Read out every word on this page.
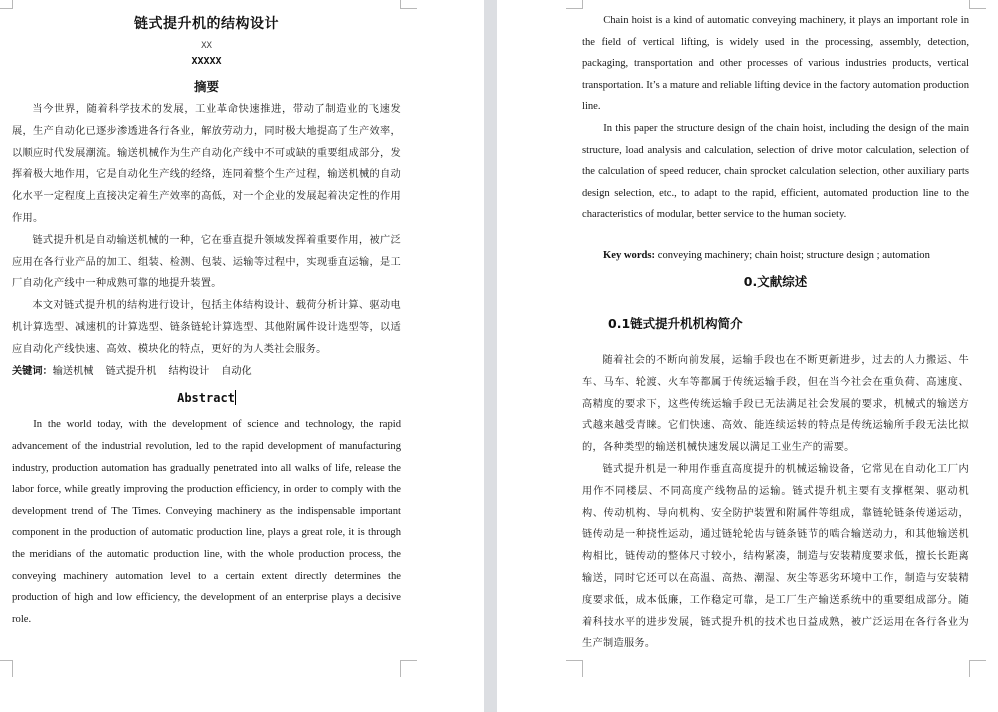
链式提升机的结构设计
XX
XXXXX
摘要

当今世界，随着科学技术的发展，工业革命快速推进，带动了制造业的飞速发展，生产自动化已逐步渗透进各行各业，解放劳动力，同时极大地提高了生产效率，以顺应时代发展潮流。输送机械作为生产自动化产线中不可或缺的重要组成部分，发挥着极大地作用，它是自动化生产线的经络，连同着整个生产过程，输送机械的自动化水平一定程度上直接决定着生产效率的高低，对一个企业的发展起着决定性的作用作用。

链式提升机是自动输送机械的一种，它在垂直提升领域发挥着重要作用，被广泛应用在各行业产品的加工、组装、检测、包装、运输等过程中，实现垂直运输，是工厂自动化产线中一种成熟可靠的地提升装置。

本文对链式提升机的结构进行设计，包括主体结构设计、载荷分析计算、驱动电机计算选型、减速机的计算选型、链条链轮计算选型、其他附属件设计选型等，以适应自动化产线快速、高效、模块化的特点，更好的为人类社会服务。

关键词：输送机械 链式提升机 结构设计 自动化

Abstract

In the world today, with the development of science and technology, the rapid advancement of the industrial revolution, led to the rapid development of manufacturing industry, production automation has gradually penetrated into all walks of life, release the labor force, while greatly improving the production efficiency, in order to comply with the development trend of The Times. Conveying machinery as the indispensable important component in the production of automatic production line, plays a great role, it is through the meridians of the automatic production line, with the whole production process, the conveying machinery automation level to a certain extent directly determines the production of high and low efficiency, the development of an enterprise plays a decisive role.

Chain hoist is a kind of automatic conveying machinery, it plays an important role in the field of vertical lifting, is widely used in the processing, assembly, detection, packaging, transportation and other processes of various industries products, vertical transportation. It’s a mature and reliable lifting device in the factory automation production line.

In this paper the structure design of the chain hoist, including the design of the main structure, load analysis and calculation, selection of drive motor calculation, selection of the calculation of speed reducer, chain sprocket calculation selection, other auxiliary parts design selection, etc., to adapt to the rapid, efficient, automated production line to the characteristics of modular, better service to the human society.

Key words: conveying machinery; chain hoist; structure design ; automation

0.文献综述
0.1链式提升机机构简介

随着社会的不断向前发展，运输手段也在不断更新进步，过去的人力搬运、牛车、马车、轮渡、火车等都属于传统运输手段，但在当今社会在重负荷、高速度、高精度的要求下，这些传统运输手段已无法满足社会发展的要求，机械式的输送方式越来越受青睐。它们快速、高效、能连续运转的特点是传统运输所手段无法比拟的，各种类型的输送机械快速发展以满足工业生产的需要。

链式提升机是一种用作垂直高度提升的机械运输设备，它常见在自动化工厂内用作不同楼层、不同高度产线物品的运输。链式提升机主要有支撑框架、驱动机构、传动机构、导向机构、安全防护装置和附属件等组成，靠链轮链条传递运动，链传动是一种挠性运动，通过链轮轮齿与链条链节的啮合输送动力，和其他输送机构相比，链传动的整体尺寸较小，结构紧凑，制造与安装精度要求低，擅长长距离输送，同时它还可以在高温、高热、潮湿、灰尘等恶劣环境中工作，制造与安装精度要求低，成本低廉，工作稳定可靠，是工厂生产输送系统中的重要组成部分。随着科技水平的进步发展，链式提升机的技术也日益成熟，被广泛运用在各行各业为生产制造服务。
